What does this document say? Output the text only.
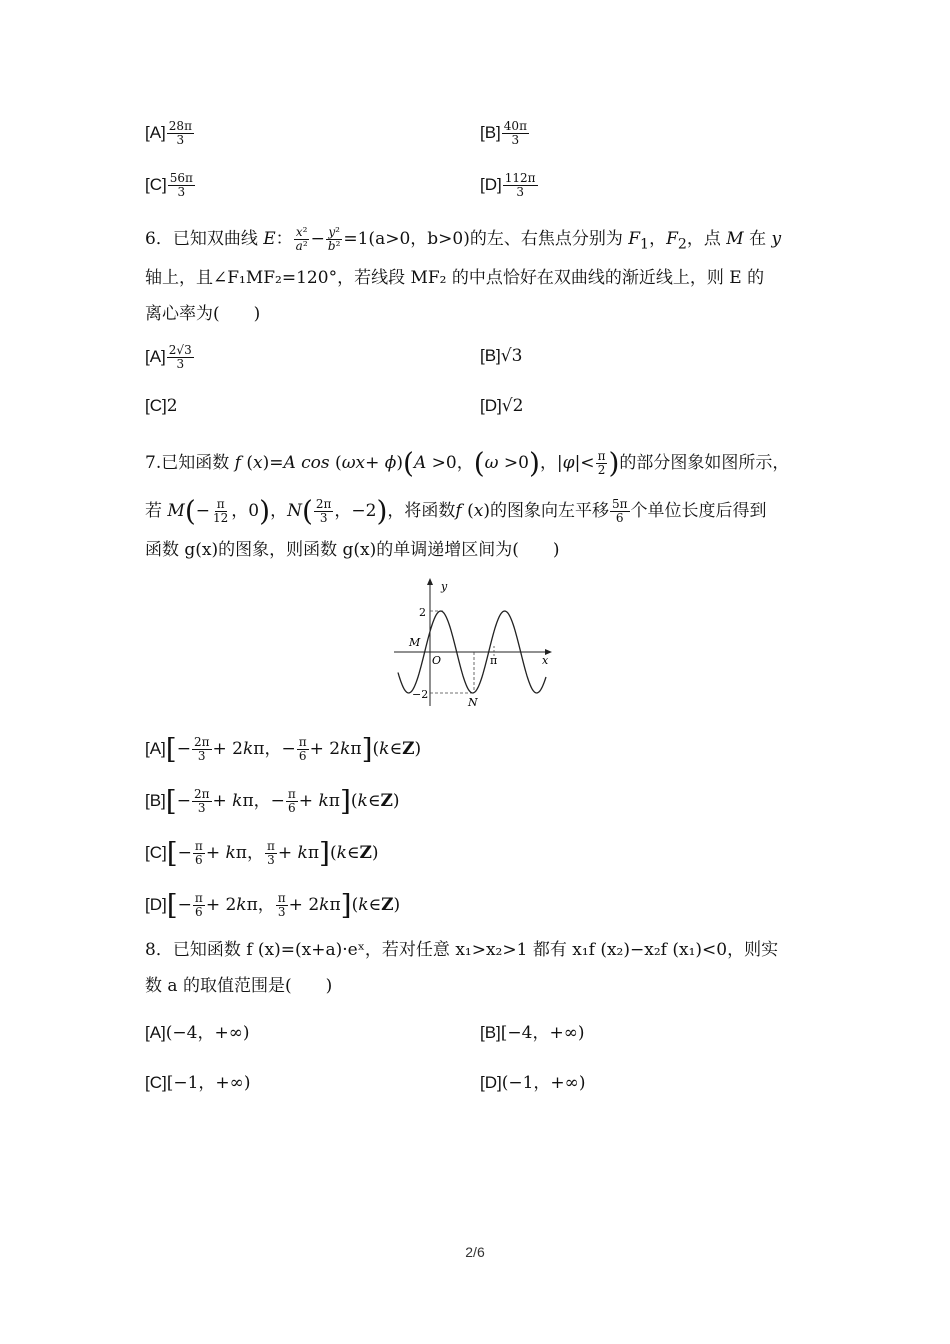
$[A] \frac{28\pi}{3}$	$[B] \frac{40\pi}{3}$
$[C] \frac{56\pi}{3}$	$[D] \frac{112\pi}{3}$
6．已知双曲线 E： $\frac{\text{x²}}{\text{a²}} - \frac{\text{y²}}{\text{b²}} =1(a>0$，b>0)的左、右焦点分别为 $F_1$，$F_2$，点 M 在 y
轴上，且∠F₁MF₂=120°，若线段 MF₂ 的中点恰好在双曲线的渐近线上，则 E 的
离心率为(　　)
$[A] \frac{2√3}{3}$	[B]√3
[C]2	[D]√2
7.已知函数 f (x)=A cos (ωx+ ϕ)(A >0，(ω >0)，$|\varphi|< \frac{\pi}{2}$ )的部分图象如图所示，
若 $M(- \frac{\pi}{12}$ ，0)，$N( \frac{2\pi}{3}$ ，−2)，将函数f (x)的图象向左平移 $\frac{5\pi}{6}$ 个单位长度后得到
函数 g(x)的图象，则函数 g(x)的单调递增区间为(　　)
y
x
2
−2
M
O	π
N
$[A][- \frac{2\pi}{3} + 2k\pi$，− $\frac{\pi}{6}$ + 2kπ](k∈Z)
$[B][- \frac{2\pi}{3} + k\pi$，− $\frac{\pi}{6}$ + kπ](k∈Z)
$[C][- \frac{\pi}{6} + k\pi$， $\frac{\pi}{3}$ + kπ](k∈Z)
$[D][- \frac{\pi}{6} + 2k\pi$， $\frac{\pi}{3}$ + 2kπ](k∈Z)
8．已知函数 f (x)=(x+a)·eˣ，若对任意 x₁>x₂>1 都有 x₁f (x₂)−x₂f (x₁)<0，则实
数 a 的取值范围是(　　)
[A](−4，+∞)	[B][−4，+∞)
[C][−1，+∞)	[D](−1，+∞)
2/6
